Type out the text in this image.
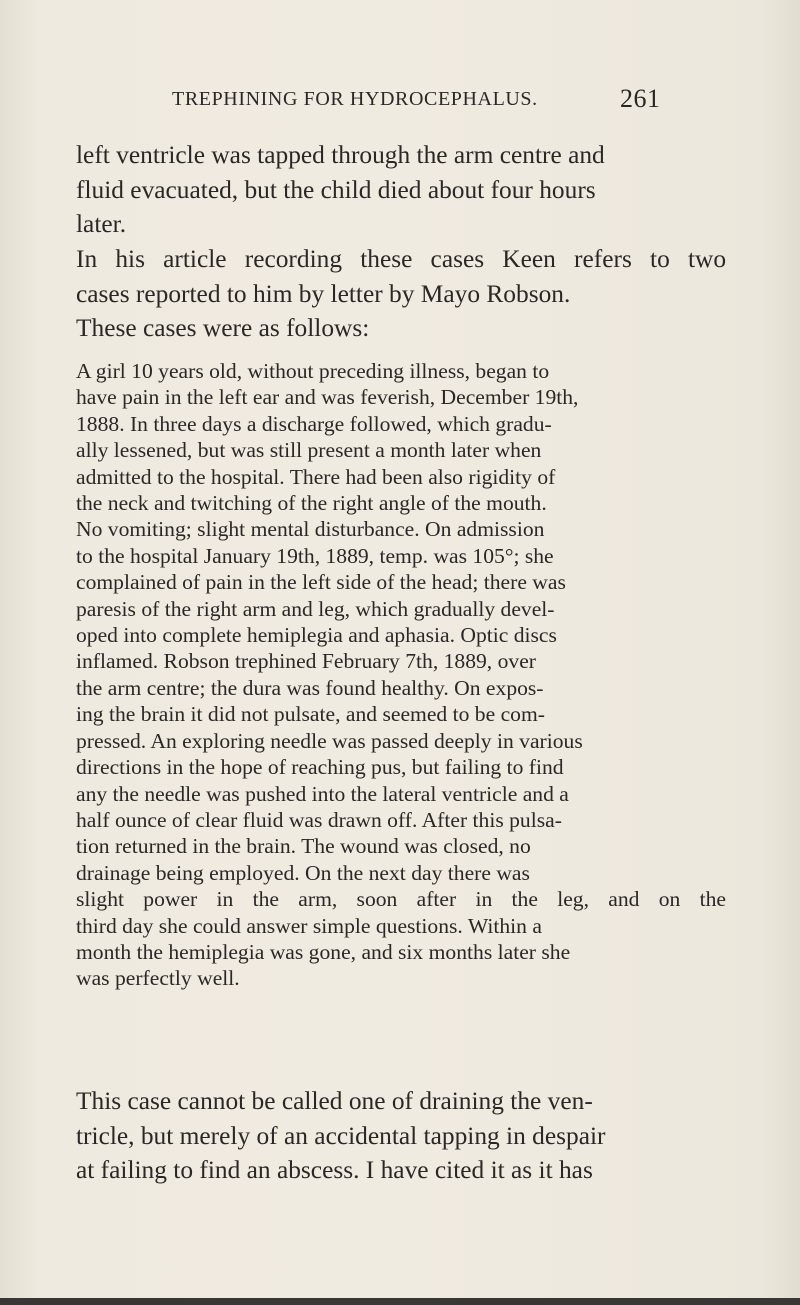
TREPHINING FOR HYDROCEPHALUS.	261

left ventricle was tapped through the arm centre and
fluid evacuated, but the child died about four hours
later.

In his article recording these cases Keen refers to two
cases reported to him by letter by Mayo Robson.
These cases were as follows:

A girl 10 years old, without preceding illness, began to
have pain in the left ear and was feverish, December 19th,
1888. In three days a discharge followed, which gradu-
ally lessened, but was still present a month later when
admitted to the hospital. There had been also rigidity of
the neck and twitching of the right angle of the mouth.
No vomiting; slight mental disturbance. On admission
to the hospital January 19th, 1889, temp. was 105°; she
complained of pain in the left side of the head; there was
paresis of the right arm and leg, which gradually devel-
oped into complete hemiplegia and aphasia. Optic discs
inflamed. Robson trephined February 7th, 1889, over
the arm centre; the dura was found healthy. On expos-
ing the brain it did not pulsate, and seemed to be com-
pressed. An exploring needle was passed deeply in various
directions in the hope of reaching pus, but failing to find
any the needle was pushed into the lateral ventricle and a
half ounce of clear fluid was drawn off. After this pulsa-
tion returned in the brain. The wound was closed, no
drainage being employed. On the next day there was
slight power in the arm, soon after in the leg, and on the
third day she could answer simple questions. Within a
month the hemiplegia was gone, and six months later she
was perfectly well.

This case cannot be called one of draining the ven-
tricle, but merely of an accidental tapping in despair
at failing to find an abscess. I have cited it as it has
